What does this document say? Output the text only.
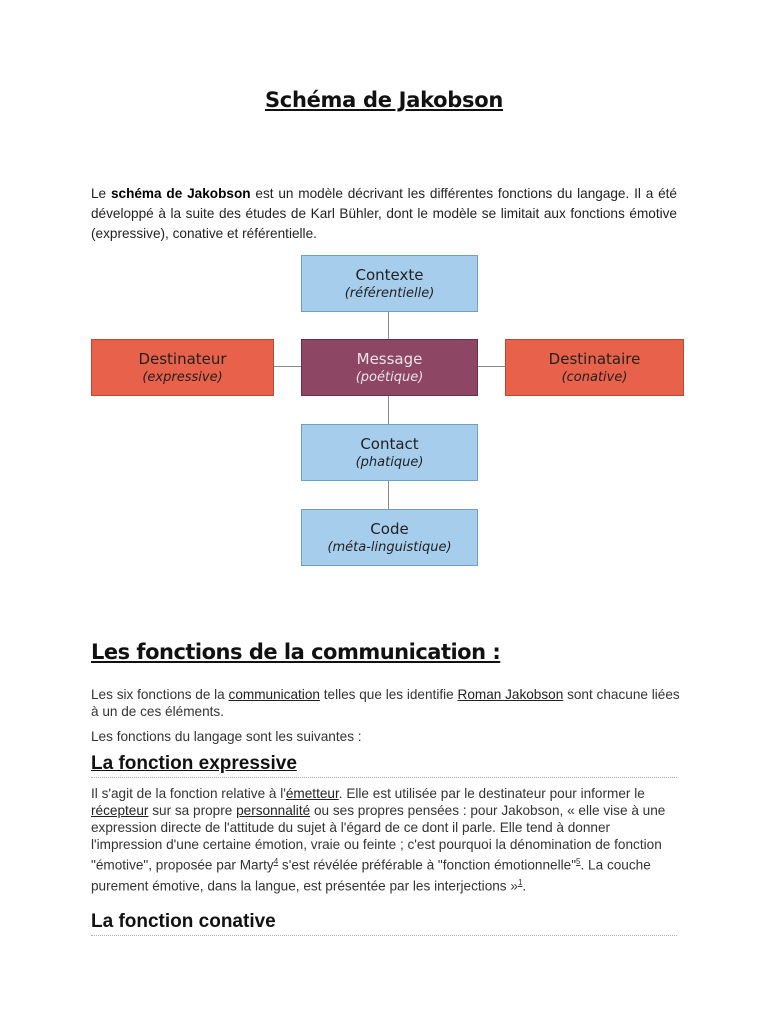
Schéma de Jakobson
Le schéma de Jakobson est un modèle décrivant les différentes fonctions du langage. Il a été développé à la suite des études de Karl Bühler, dont le modèle se limitait aux fonctions émotive (expressive), conative et référentielle.
Contexte
(référentielle)
Destinateur
(expressive)
Message
(poétique)
Destinataire
(conative)
Contact
(phatique)
Code
(méta-linguistique)
Les fonctions de la communication :
Les six fonctions de la communication telles que les identifie Roman Jakobson sont chacune liées à un de ces éléments.
Les fonctions du langage sont les suivantes :
La fonction expressive
Il s'agit de la fonction relative à l'émetteur. Elle est utilisée par le destinateur pour informer le récepteur sur sa propre personnalité ou ses propres pensées : pour Jakobson, « elle vise à une expression directe de l'attitude du sujet à l'égard de ce dont il parle. Elle tend à donner l'impression d'une certaine émotion, vraie ou feinte ; c'est pourquoi la dénomination de fonction "émotive", proposée par Marty$^4$ s'est révélée préférable à "fonction émotionnelle"$^5$. La couche purement émotive, dans la langue, est présentée par les interjections »$^1$.
La fonction conative
